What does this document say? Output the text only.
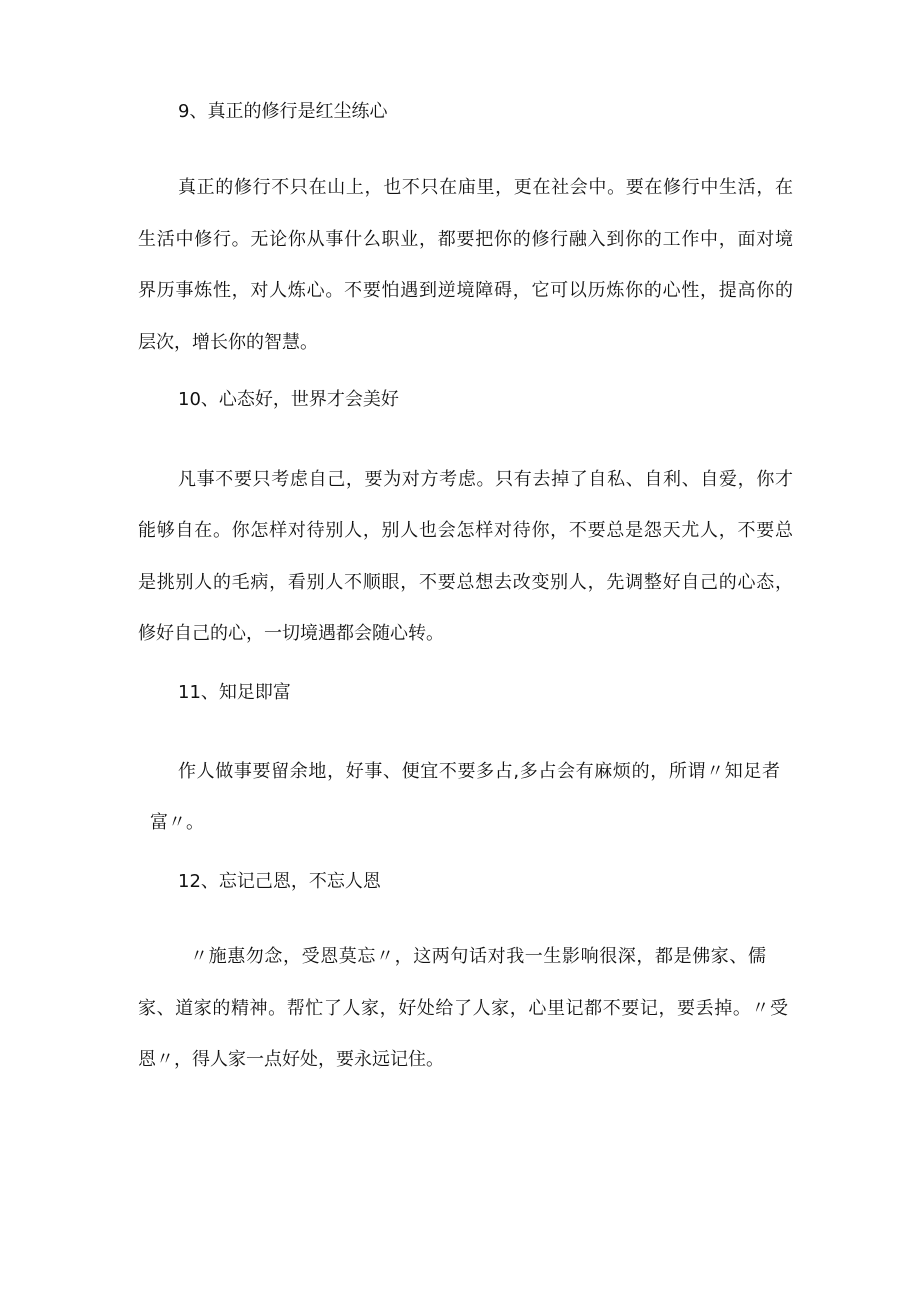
9、真正的修行是红尘练心

真正的修行不只在山上，也不只在庙里，更在社会中。要在修行中生活，在

生活中修行。无论你从事什么职业，都要把你的修行融入到你的工作中，面对境

界历事炼性，对人炼心。不要怕遇到逆境障碍，它可以历炼你的心性，提高你的

层次，增长你的智慧。

10、心态好，世界才会美好

凡事不要只考虑自己，要为对方考虑。只有去掉了自私、自利、自爱，你才

能够自在。你怎样对待别人，别人也会怎样对待你，不要总是怨天尤人，不要总

是挑别人的毛病，看别人不顺眼，不要总想去改变别人，先调整好自己的心态，

修好自己的心，一切境遇都会随心转。

11、知足即富

作人做事要留余地，好事、便宜不要多占,多占会有麻烦的，所谓〃知足者

富〃。

12、忘记己恩，不忘人恩

〃施惠勿念，受恩莫忘〃，这两句话对我一生影响很深，都是佛家、儒

家、道家的精神。帮忙了人家，好处给了人家，心里记都不要记，要丢掉。〃受

恩〃，得人家一点好处，要永远记住。
